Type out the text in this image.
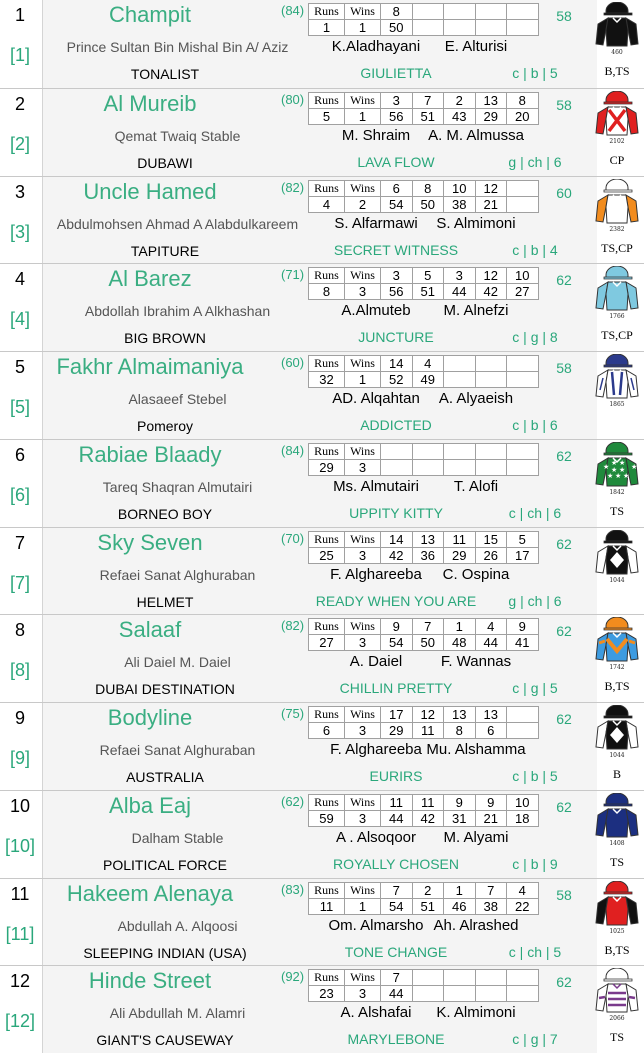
1
[1]
Champit	(84)
Prince Sultan Bin Mishal Bin A/ Aziz
TONALIST
Runs	Wins	8				
1	1	50				
K.Aladhayani	E. Alturisi
GIULIETTA	c | b | 5
58
460
B,TS
2
[2]
Al Mureib	(80)
Qemat Twaiq Stable
DUBAWI
Runs	Wins	3	7	2	13	8
5	1	56	51	43	29	20
M. Shraim	A. M. Almussa
LAVA FLOW	g | ch | 6
58
2102
CP
3
[3]
Uncle Hamed	(82)
Abdulmohsen Ahmad A Alabdulkareem
TAPITURE
Runs	Wins	6	8	10	12	
4	2	54	50	38	21	
S. Alfarmawi	S. Almimoni
SECRET WITNESS	c | b | 4
60
2382
TS,CP
4
[4]
Al Barez	(71)
Abdollah Ibrahim A Alkhashan
BIG BROWN
Runs	Wins	3	5	3	12	10
8	3	56	51	44	42	27
A.Almuteb	M. Alnefzi
JUNCTURE	c | g | 8
62
1766
TS,CP
5
[5]
Fakhr Almaimaniya	(60)
Alasaeef Stebel
Pomeroy
Runs	Wins	14	4			
32	1	52	49			
AD. Alqahtan	A. Alyaeish
ADDICTED	c | b | 6
58
1865
6
[6]
Rabiae Blaady	(84)
Tareq Shaqran Almutairi
BORNEO BOY
Runs	Wins					
29	3					
Ms. Almutairi	T. Alofi
UPPITY KITTY	c | ch | 6
62	★ ★
★ ★
★ ★
★
★	★
1842
TS
7
[7]
Sky Seven	(70)
Refaei Sanat Alghuraban
HELMET
Runs	Wins	14	13	11	15	5
25	3	42	36	29	26	17
F. Alghareeba	C. Ospina
READY WHEN YOU ARE	g | ch | 6
62
1044
8
[8]
Salaaf	(82)
Ali Daiel M. Daiel
DUBAI DESTINATION
Runs	Wins	9	7	1	4	9
27	3	54	50	48	44	41
A. Daiel	F. Wannas
CHILLIN PRETTY	c | g | 5
62
1742
B,TS
9
[9]
Bodyline	(75)
Refaei Sanat Alghuraban
AUSTRALIA
Runs	Wins	17	12	13	13	
6	3	29	11	8	6	
F. Alghareeba Mu. Alshamma
EURIRS	c | b | 5
62
1044
B
10
[10]
Alba Eaj	(62)
Dalham Stable
POLITICAL FORCE
Runs	Wins	11	11	9	9	10
59	3	44	42	31	21	18
A . Alsoqoor	M. Alyami
ROYALLY CHOSEN	c | b | 9
62
1408
TS
11
[11]
Hakeem Alenaya	(83)
Abdullah A. Alqoosi
SLEEPING INDIAN (USA)
Runs	Wins	7	2	1	7	4
11	1	54	51	46	38	22
Om. Almarsho Ah. Alrashed
TONE CHANGE	c | ch | 5
58
1025
B,TS
12
[12]
Hinde Street	(92)
Ali Abdullah M. Alamri
GIANT'S CAUSEWAY
Runs	Wins	7				
23	3	44				
A. Alshafai	K. Almimoni
MARYLEBONE	c | g | 7
62
2066
TS
